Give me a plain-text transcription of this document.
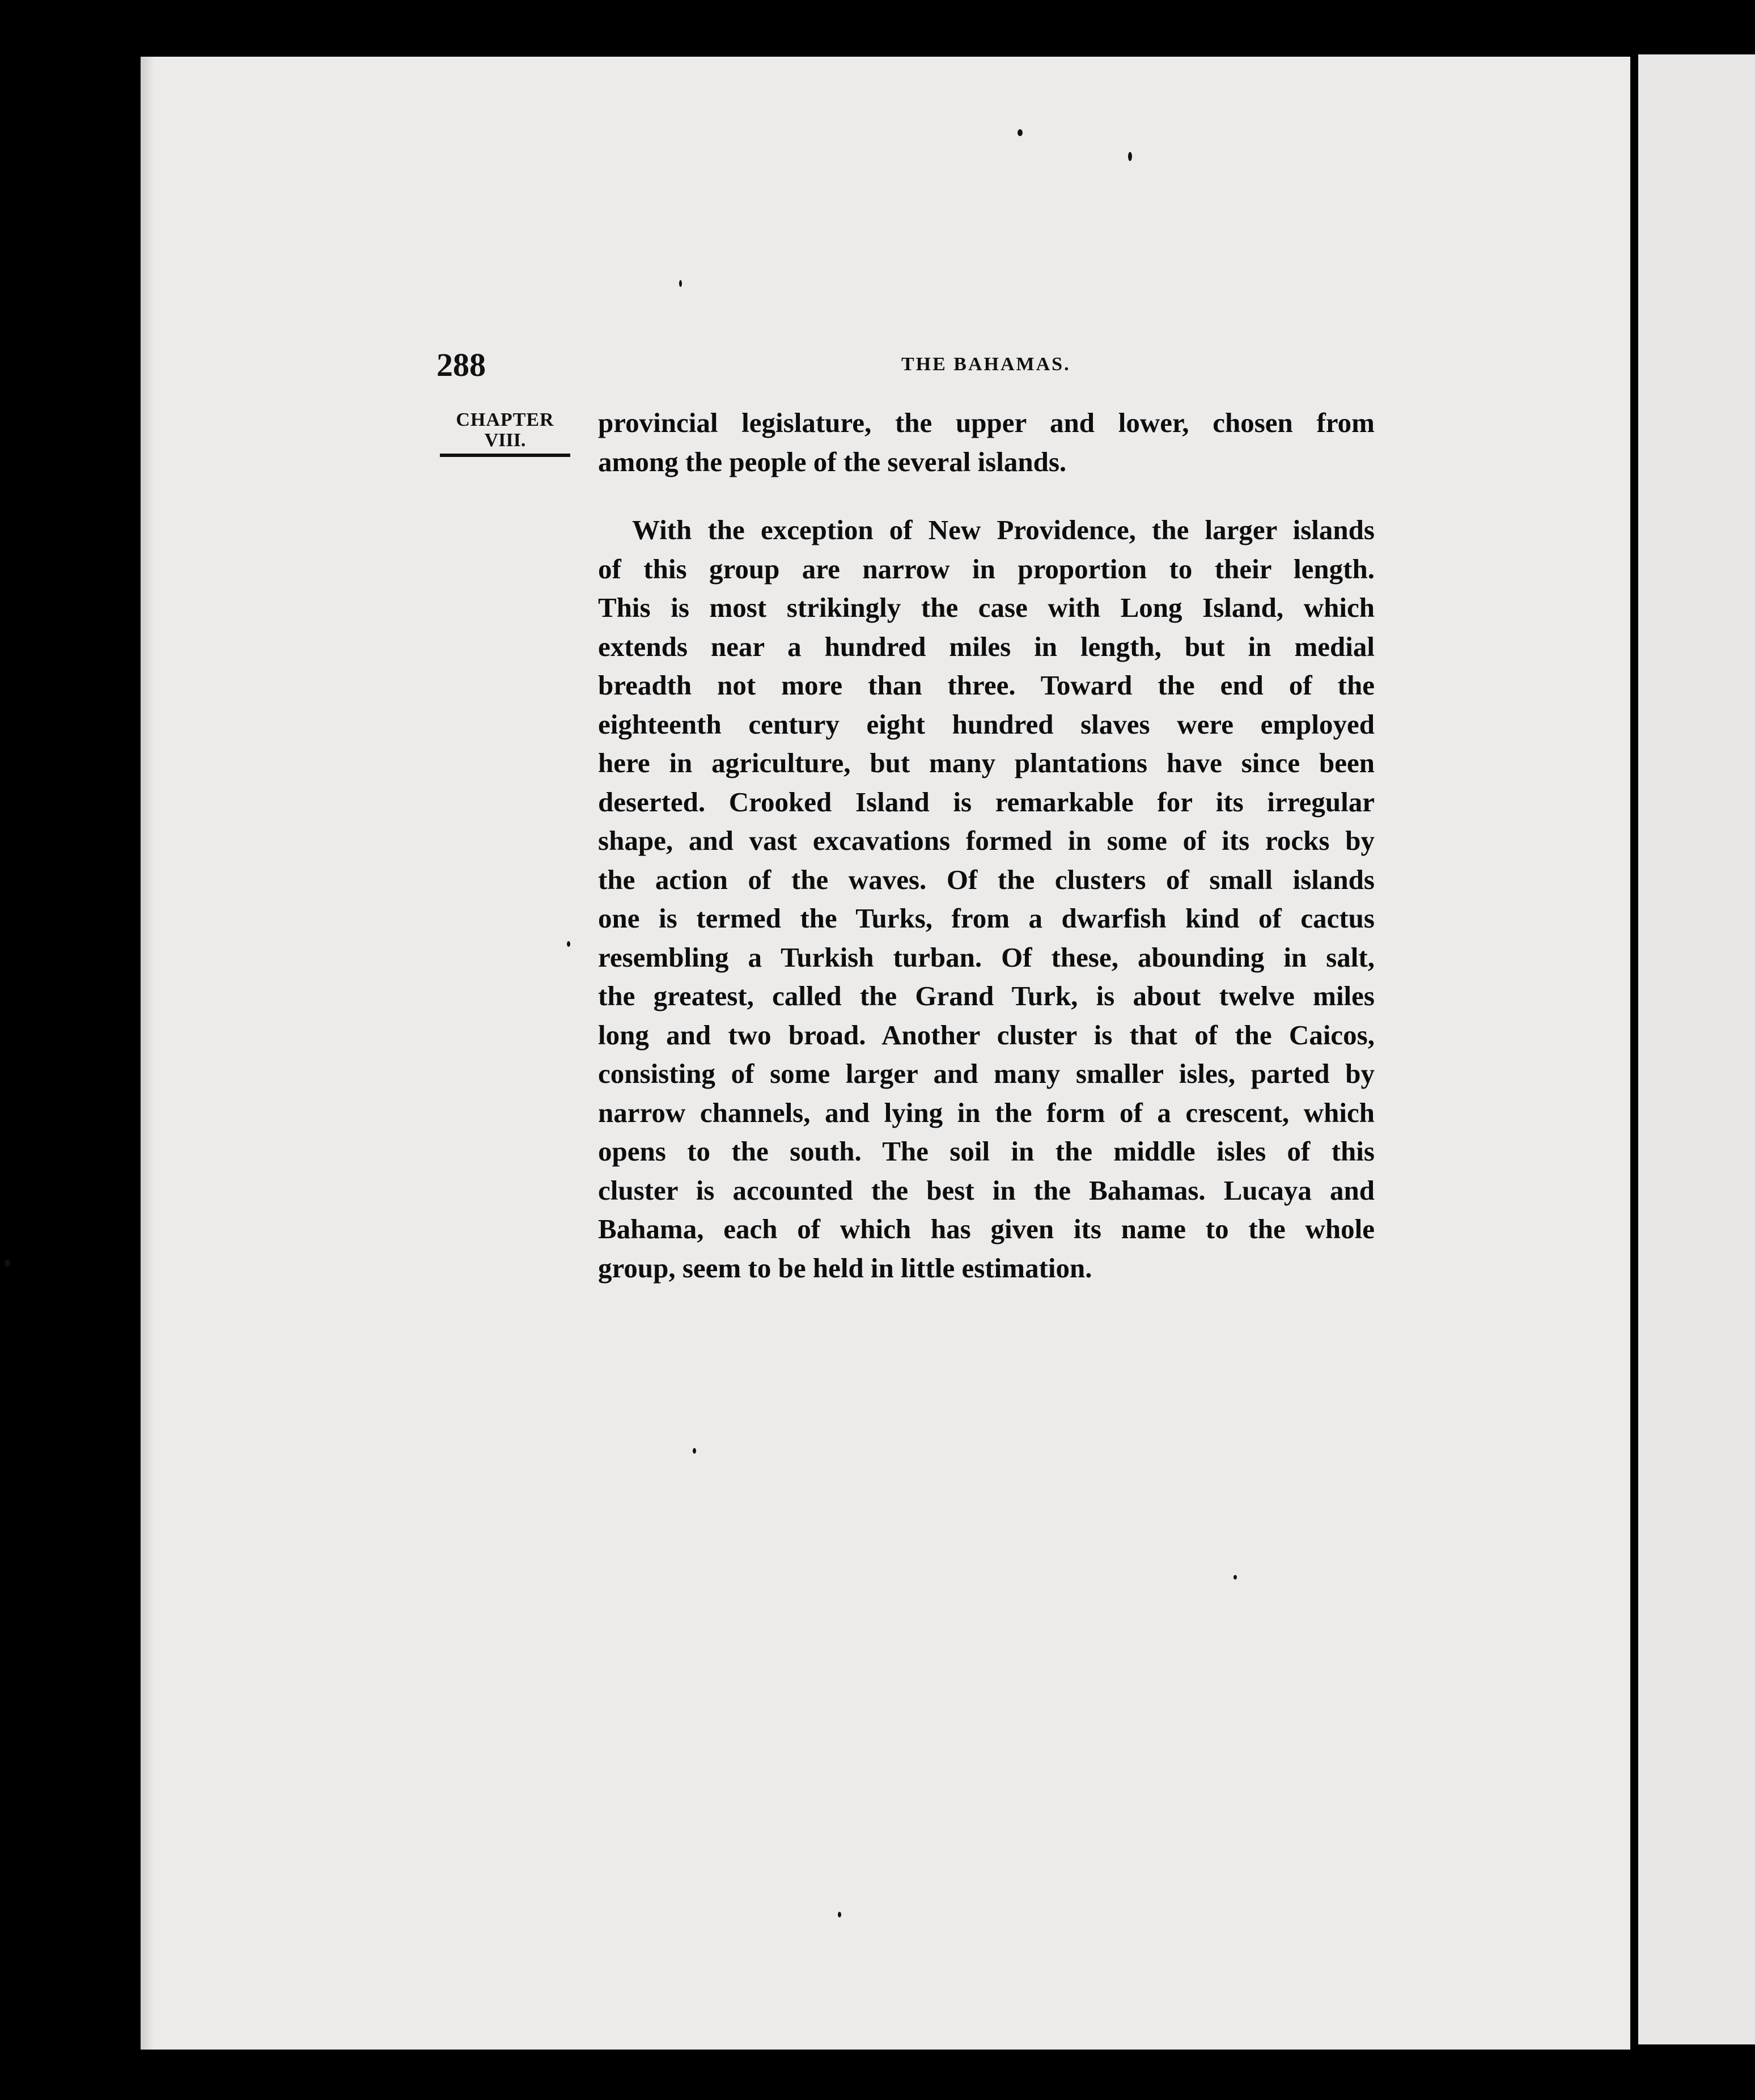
288	THE BAHAMAS.
CHAPTER
VIII.
provincial legislature, the upper and lower, chosen from
among the people of the several islands.
With the exception of New Providence, the larger islands
of this group are narrow in proportion to their length.
This is most strikingly the case with Long Island, which
extends near a hundred miles in length, but in medial
breadth not more than three. Toward the end of the
eighteenth century eight hundred slaves were employed
here in agriculture, but many plantations have since been
deserted. Crooked Island is remarkable for its irregular
shape, and vast excavations formed in some of its rocks by
the action of the waves. Of the clusters of small islands
one is termed the Turks, from a dwarfish kind of cactus
resembling a Turkish turban. Of these, abounding in salt,
the greatest, called the Grand Turk, is about twelve miles
long and two broad. Another cluster is that of the Caicos,
consisting of some larger and many smaller isles, parted by
narrow channels, and lying in the form of a crescent, which
opens to the south. The soil in the middle isles of this
cluster is accounted the best in the Bahamas. Lucaya and
Bahama, each of which has given its name to the whole
group, seem to be held in little estimation.
